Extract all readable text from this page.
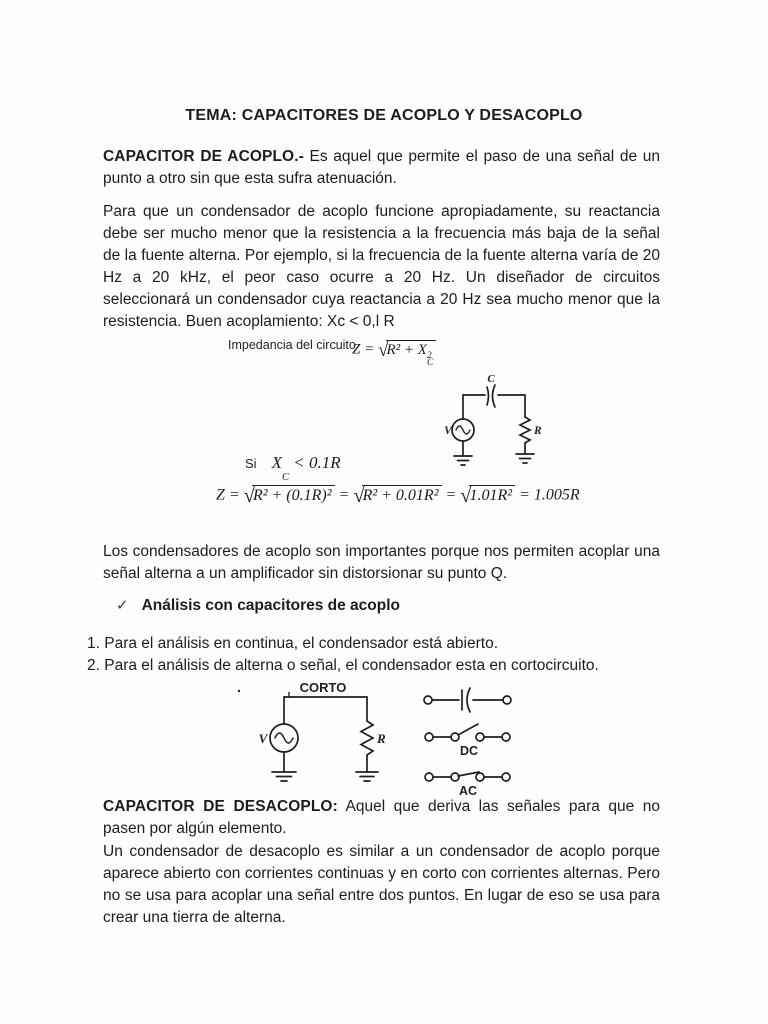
TEMA: CAPACITORES DE ACOPLO Y DESACOPLO
CAPACITOR DE ACOPLO.- Es aquel que permite el paso de una señal de un punto a otro sin que esta sufra atenuación.
Para que un condensador de acoplo funcione apropiadamente, su reactancia debe ser mucho menor que la resistencia a la frecuencia más baja de la señal de la fuente alterna. Por ejemplo, si la frecuencia de la fuente alterna varía de 20 Hz a 20 kHz, el peor caso ocurre a 20 Hz. Un diseñador de circuitos seleccionará un condensador cuya reactancia a 20 Hz sea mucho menor que la resistencia. Buen acoplamiento: Xc < 0,l R
Impedancia del circuito
Z = √R² + X 2
C
C
V	R
Si X
C
< 0.1R
Z = √R² + (0.1R)² = √R² + 0.01R² = √1.01R² = 1.005R
Los condensadores de acoplo son importantes porque nos permiten acoplar una señal alterna a un amplificador sin distorsionar su punto Q.
✓ Análisis con capacitores de acoplo
1. Para el análisis en continua, el condensador está abierto.
2. Para el análisis de alterna o señal, el condensador esta en cortocircuito.
CORTO
V	R
DC
AC
CAPACITOR DE DESACOPLO: Aquel que deriva las señales para que no pasen por algún elemento.
Un condensador de desacoplo es similar a un condensador de acoplo porque aparece abierto con corrientes continuas y en corto con corrientes alternas. Pero no se usa para acoplar una señal entre dos puntos. En lugar de eso se usa para crear una tierra de alterna.
